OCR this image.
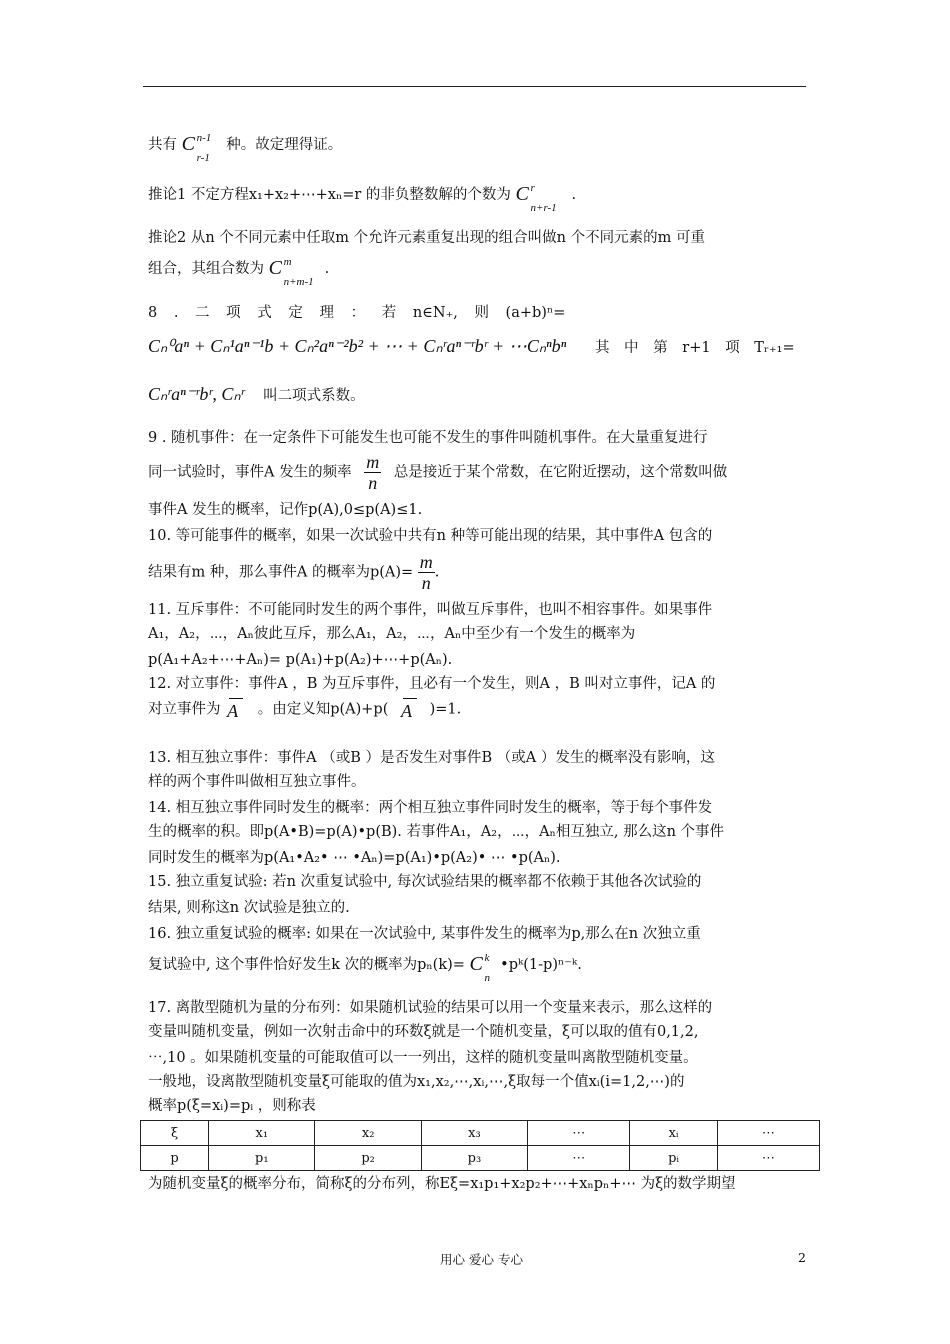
共有 C n-1
r-1
种。故定理得证。
推论1 不定方程x₁+x₂+⋯+xₙ=r 的非负整数解的个数为 C r
n+r-1
.
推论2 从n 个不同元素中任取m 个允许元素重复出现的组合叫做n 个不同元素的m 可重
组合，其组合数为 C m
n+m-1
.
8 . 二 项 式 定 理 ： 若 n∈N₊, 则 (a+b)ⁿ=
Cₙ⁰aⁿ + Cₙ¹aⁿ⁻¹b + Cₙ²aⁿ⁻²b² + ⋯ + Cₙʳaⁿ⁻ʳbʳ + ⋯Cₙⁿbⁿ 其 中 第 r+1 项 Tᵣ₊₁=
Cₙʳaⁿ⁻ʳbʳ, Cₙʳ 叫二项式系数。
9 . 随机事件：在一定条件下可能发生也可能不发生的事件叫随机事件。在大量重复进行
同一试验时，事件A 发生的频率 $\frac{m}{n}$ 总是接近于某个常数，在它附近摆动，这个常数叫做
事件A 发生的概率，记作p(A),0≤p(A)≤1.
10. 等可能事件的概率，如果一次试验中共有n 种等可能出现的结果，其中事件A 包含的
结果有m 种，那么事件A 的概率为$p(A)= \frac{m}{n}$ .
11. 互斥事件：不可能同时发生的两个事件，叫做互斥事件，也叫不相容事件。如果事件
A₁，A₂，⋯，Aₙ彼此互斥，那么A₁，A₂，⋯，Aₙ中至少有一个发生的概率为
p(A₁+A₂+⋯+Aₙ)= p(A₁)+p(A₂)+⋯+p(Aₙ).
12. 对立事件：事件A ，B 为互斥事件，且必有一个发生，则A ，B 叫对立事件，记A 的
对立事件为 A 。由定义知p(A)+p( A )=1.
13. 相互独立事件：事件A （或B ）是否发生对事件B （或A ）发生的概率没有影响，这
样的两个事件叫做相互独立事件。
14. 相互独立事件同时发生的概率：两个相互独立事件同时发生的概率，等于每个事件发
生的概率的积。即p(A•B)=p(A)•p(B). 若事件A₁，A₂，⋯，Aₙ相互独立, 那么这n 个事件
同时发生的概率为p(A₁•A₂• ⋯ •Aₙ)=p(A₁)•p(A₂)• ⋯ •p(Aₙ).
15. 独立重复试验: 若n 次重复试验中, 每次试验结果的概率都不依赖于其他各次试验的
结果, 则称这n 次试验是独立的.
16. 独立重复试验的概率: 如果在一次试验中, 某事件发生的概率为p,那么在n 次独立重
复试验中, 这个事件恰好发生k 次的概率为pₙ(k)= C k
n
•pᵏ(1-p)ⁿ⁻ᵏ.
17. 离散型随机为量的分布列：如果随机试验的结果可以用一个变量来表示，那么这样的
变量叫随机变量，例如一次射击命中的环数ξ就是一个随机变量，ξ可以取的值有0,1,2,
⋯,10 。如果随机变量的可能取值可以一一列出，这样的随机变量叫离散型随机变量。
一般地，设离散型随机变量ξ可能取的值为x₁,x₂,⋯,xᵢ,⋯,ξ取每一个值xᵢ(i=1,2,⋯)的
概率p(ξ=xᵢ)=pᵢ ，则称表
ξ	x₁	x₂	x₃	⋯	xᵢ	⋯
p	p₁	p₂	p₃	⋯	pᵢ	⋯
为随机变量ξ的概率分布，简称ξ的分布列，称Eξ=x₁p₁+x₂p₂+⋯+xₙpₙ+⋯ 为ξ的数学期望
用心 爱心 专心	2
